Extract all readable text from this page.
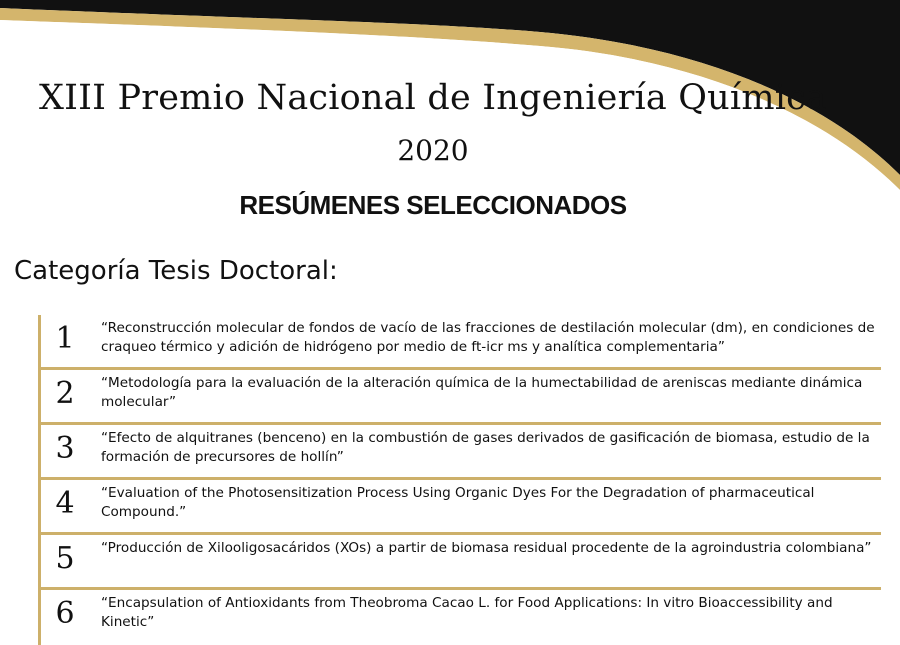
XIII Premio Nacional de Ingeniería Química
2020
RESÚMENES SELECCIONADOS
Categoría Tesis Doctoral:
1	“Reconstrucción molecular de fondos de vacío de las fracciones de destilación molecular (dm), en condiciones de craqueo térmico y adición de hidrógeno por medio de ft-icr ms y analítica complementaria”
2	“Metodología para la evaluación de la alteración química de la humectabilidad de areniscas mediante dinámica molecular”
3	“Efecto de alquitranes (benceno) en la combustión de gases derivados de gasificación de biomasa, estudio de la formación de precursores de hollín”
4	“Evaluation of the Photosensitization Process Using Organic Dyes For the Degradation of pharmaceutical Compound.”
5	“Producción de Xilooligosacáridos (XOs) a partir de biomasa residual procedente de la agroindustria colombiana”
6	“Encapsulation of Antioxidants from Theobroma Cacao L. for Food Applications: In vitro Bioaccessibility and Kinetic”
